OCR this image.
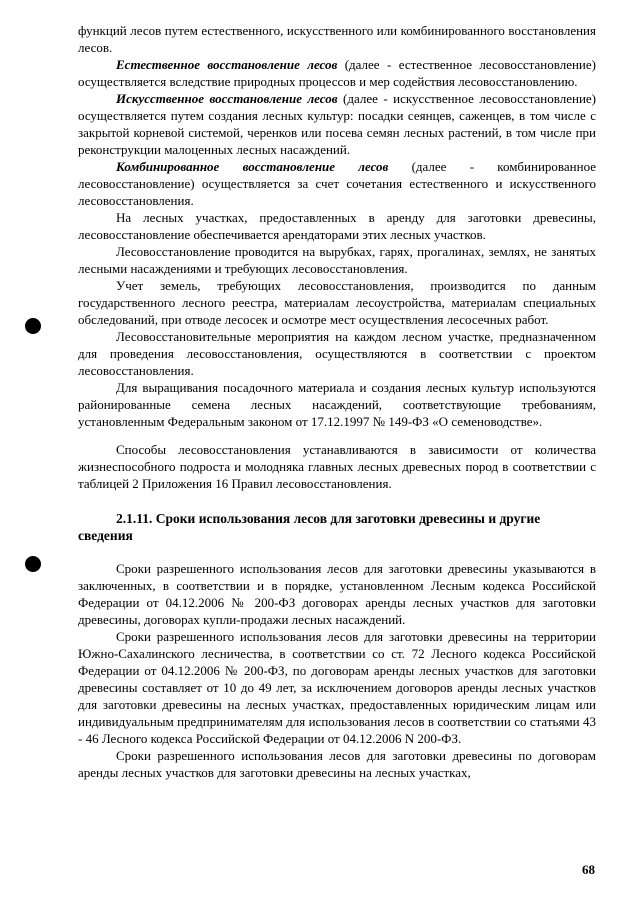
функций лесов путем естественного, искусственного или комбинированного восстановления лесов.

Естественное восстановление лесов (далее - естественное лесовосстановление) осуществляется вследствие природных процессов и мер содействия лесовосстановлению.

Искусственное восстановление лесов (далее - искусственное лесовосстановление) осуществляется путем создания лесных культур: посадки сеянцев, саженцев, в том числе с закрытой корневой системой, черенков или посева семян лесных растений, в том числе при реконструкции малоценных лесных насаждений.

Комбинированное восстановление лесов (далее - комбинированное лесовосстановление) осуществляется за счет сочетания естественного и искусственного лесовосстановления.

На лесных участках, предоставленных в аренду для заготовки древесины, лесовосстановление обеспечивается арендаторами этих лесных участков.

Лесовосстановление проводится на вырубках, гарях, прогалинах, землях, не занятых лесными насаждениями и требующих лесовосстановления.

Учет земель, требующих лесовосстановления, производится по данным государственного лесного реестра, материалам лесоустройства, материалам специальных обследований, при отводе лесосек и осмотре мест осуществления лесосечных работ.

Лесовосстановительные мероприятия на каждом лесном участке, предназначенном для проведения лесовосстановления, осуществляются в соответствии с проектом лесовосстановления.

Для выращивания посадочного материала и создания лесных культур используются районированные семена лесных насаждений, соответствующие требованиям, установленным Федеральным законом от 17.12.1997 № 149-ФЗ «О семеноводстве».

Способы лесовосстановления устанавливаются в зависимости от количества жизнеспособного подроста и молодняка главных лесных древесных пород в соответствии с таблицей 2 Приложения 16 Правил лесовосстановления.

2.1.11. Сроки использования лесов для заготовки древесины и другие сведения

Сроки разрешенного использования лесов для заготовки древесины указываются в заключенных, в соответствии и в порядке, установленном Лесным кодекса Российской Федерации от 04.12.2006 № 200-ФЗ договорах аренды лесных участков для заготовки древесины, договорах купли-продажи лесных насаждений.

Сроки разрешенного использования лесов для заготовки древесины на территории Южно-Сахалинского лесничества, в соответствии со ст. 72 Лесного кодекса Российской Федерации от 04.12.2006 № 200-ФЗ, по договорам аренды лесных участков для заготовки древесины составляет от 10 до 49 лет, за исключением договоров аренды лесных участков для заготовки древесины на лесных участках, предоставленных юридическим лицам или индивидуальным предпринимателям для использования лесов в соответствии со статьями 43 - 46 Лесного кодекса Российской Федерации от 04.12.2006 N 200-ФЗ.

Сроки разрешенного использования лесов для заготовки древесины по договорам аренды лесных участков для заготовки древесины на лесных участках,

68
